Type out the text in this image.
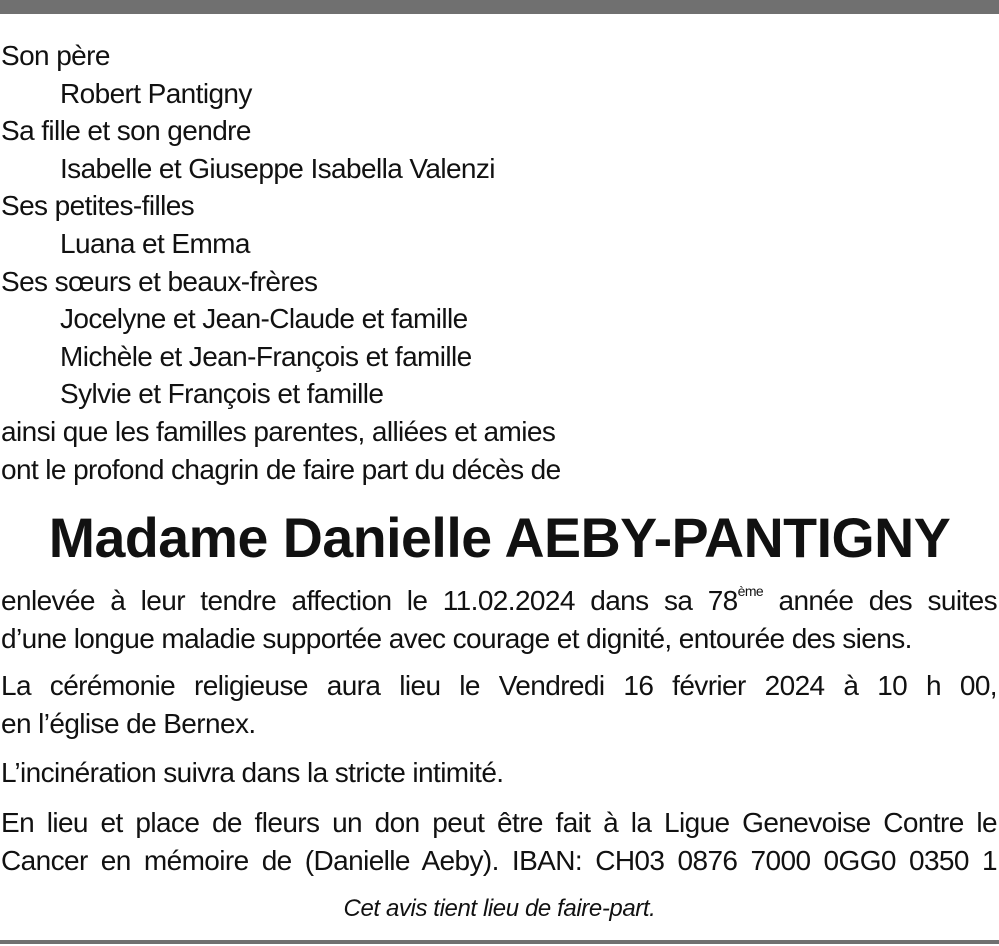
Son père
Robert Pantigny
Sa fille et son gendre
Isabelle et Giuseppe Isabella Valenzi
Ses petites-filles
Luana et Emma
Ses sœurs et beaux-frères
Jocelyne et Jean-Claude et famille
Michèle et Jean-François et famille
Sylvie et François et famille
ainsi que les familles parentes, alliées et amies
ont le profond chagrin de faire part du décès de
Madame Danielle AEBY-PANTIGNY
enlevée à leur tendre affection le 11.02.2024 dans sa 78ème année des suites
d’une longue maladie supportée avec courage et dignité, entourée des siens.
La cérémonie religieuse aura lieu le Vendredi 16 février 2024 à 10 h 00,
en l’église de Bernex.
L’incinération suivra dans la stricte intimité.
En lieu et place de fleurs un don peut être fait à la Ligue Genevoise Contre le
Cancer en mémoire de (Danielle Aeby). IBAN: CH03 0876 7000 0GG0 0350 1
Cet avis tient lieu de faire-part.
